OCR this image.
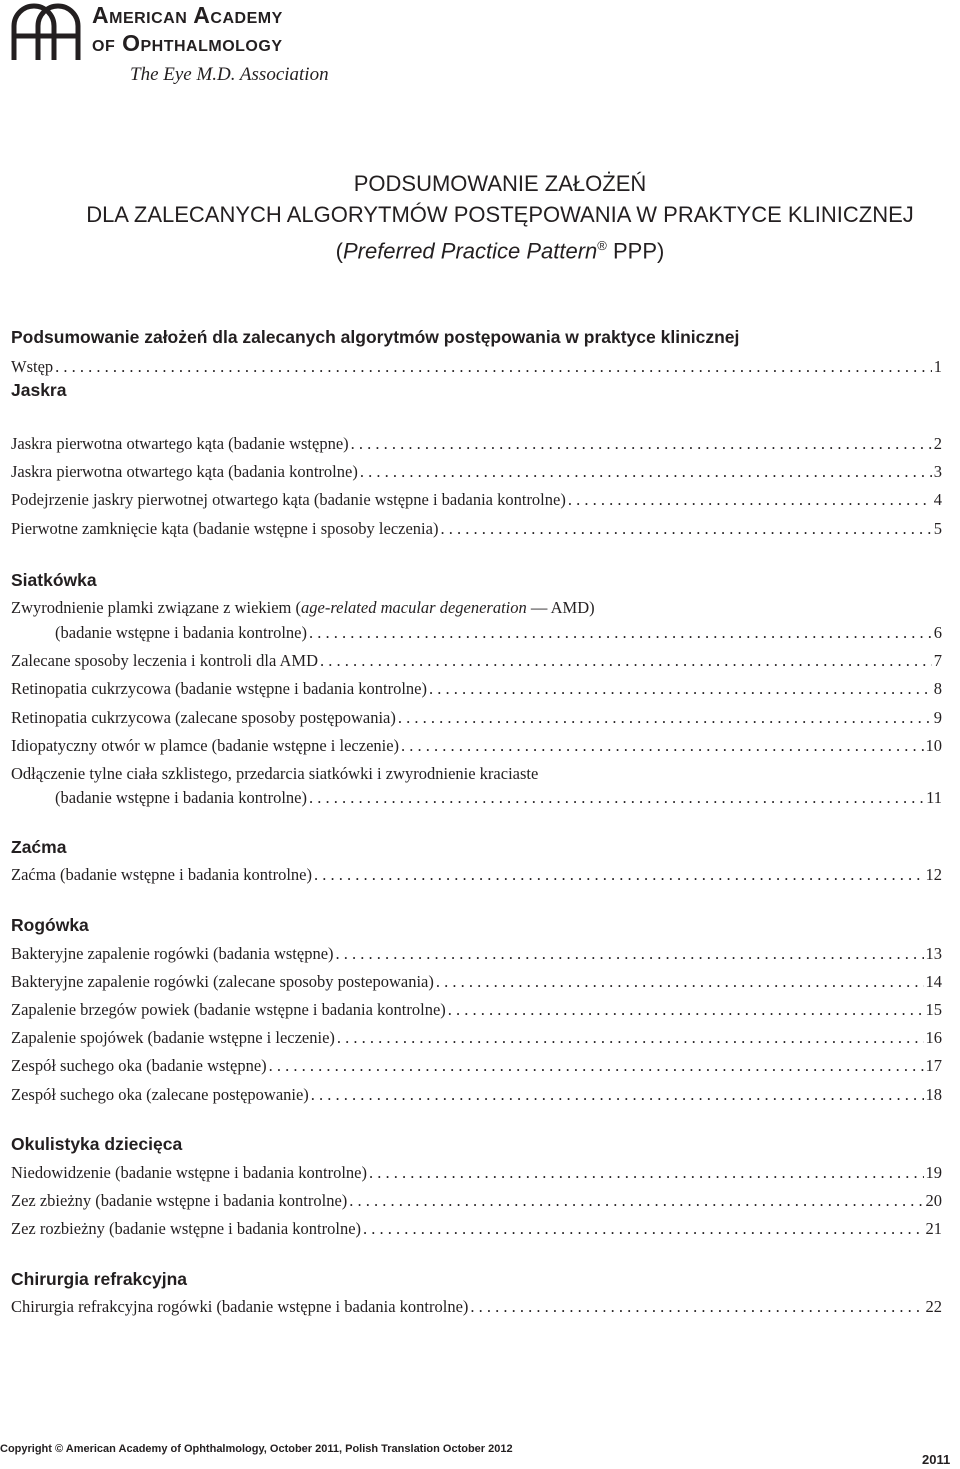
American Academy
of Ophthalmology
The Eye M.D. Association
PODSUMOWANIE ZAŁOŻEŃ
DLA ZALECANYCH ALGORYTMÓW POSTĘPOWANIA W PRAKTYCE KLINICZNEJ
(Preferred Practice Pattern® PPP)
Podsumowanie założeń dla zalecanych algorytmów postępowania w praktyce klinicznej
Wstęp . . .	1
Jaskra
Jaskra pierwotna otwartego kąta (badanie wstępne) . . .	2
Jaskra pierwotna otwartego kąta (badania kontrolne) . . .	3
Podejrzenie jaskry pierwotnej otwartego kąta (badanie wstępne i badania kontrolne) . . .	4
Pierwotne zamknięcie kąta (badanie wstępne i sposoby leczenia) . . .	5
Siatkówka
Zwyrodnienie plamki związane z wiekiem (age-related macular degeneration — AMD)
(badanie wstępne i badania kontrolne) . . .	6
Zalecane sposoby leczenia i kontroli dla AMD . . .	7
Retinopatia cukrzycowa (badanie wstępne i badania kontrolne) . . .	8
Retinopatia cukrzycowa (zalecane sposoby postępowania) . . .	9
Idiopatyczny otwór w plamce (badanie wstępne i leczenie) . . .	10
Odłączenie tylne ciała szklistego, przedarcia siatkówki i zwyrodnienie kraciaste
(badanie wstępne i badania kontrolne) . . .	11
Zaćma
Zaćma (badanie wstępne i badania kontrolne) . . .	12
Rogówka
Bakteryjne zapalenie rogówki (badania wstępne) . . .	13
Bakteryjne zapalenie rogówki (zalecane sposoby postepowania) . . .	14
Zapalenie brzegów powiek (badanie wstępne i badania kontrolne) . . .	15
Zapalenie spojówek (badanie wstępne i leczenie) . . .	16
Zespół suchego oka (badanie wstępne) . . .	17
Zespół suchego oka (zalecane postępowanie) . . .	18
Okulistyka dziecięca
Niedowidzenie (badanie wstępne i badania kontrolne) . . .	19
Zez zbieżny (badanie wstępne i badania kontrolne) . . .	20
Zez rozbieżny (badanie wstępne i badania kontrolne) . . .	21
Chirurgia refrakcyjna
Chirurgia refrakcyjna rogówki (badanie wstępne i badania kontrolne) . . .	22
Copyright © American Academy of Ophthalmology, October 2011, Polish Translation October 2012
2011
